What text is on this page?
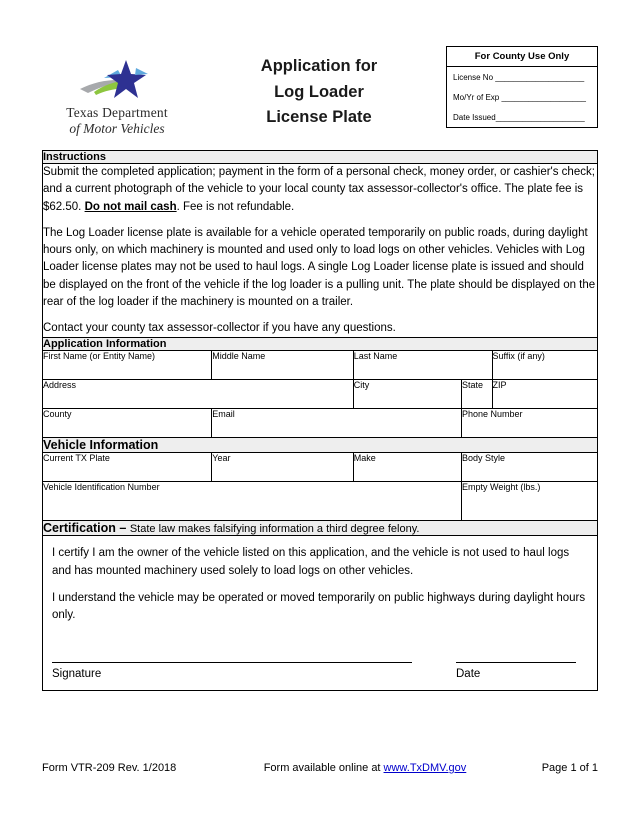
Texas Department
of Motor Vehicles
Application for
Log Loader
License Plate
For County Use Only
License No ____________________
Mo/Yr of Exp ___________________
Date Issued____________________
Instructions				

Submit the completed application; payment in the form of a personal check, money order, or cashier's check; and a current photograph of the vehicle to your local county tax assessor-collector's office. The plate fee is $62.50. Do not mail cash. Fee is not refundable.

The Log Loader license plate is available for a vehicle operated temporarily on public roads, during daylight hours only, on which machinery is mounted and used only to load logs on other vehicles. Vehicles with Log Loader license plates may not be used to haul logs. A single Log Loader license plate is issued and should be displayed on the front of the vehicle if the log loader is a pulling unit. The plate should be displayed on the rear of the log loader if the machinery is mounted on a trailer.

Contact your county tax assessor-collector if you have any questions.				

Application Information				
First Name (or Entity Name)	Middle Name	Last Name		Suffix (if any)
Address		City	State	ZIP
County	Email		Phone Number	
Vehicle Information				
Current TX Plate	Year	Make	Body Style	
Vehicle Identification Number			Empty Weight (lbs.)	
Certification – State law makes falsifying information a third degree felony.				

I certify I am the owner of the vehicle listed on this application, and the vehicle is not used to haul logs and has mounted machinery used solely to load logs on other vehicles.

I understand the vehicle may be operated or moved temporarily on public highways during daylight hours only.

Signature Date				
Form VTR-209 Rev. 1/2018	Form available online at www.TxDMV.gov	Page 1 of 1
